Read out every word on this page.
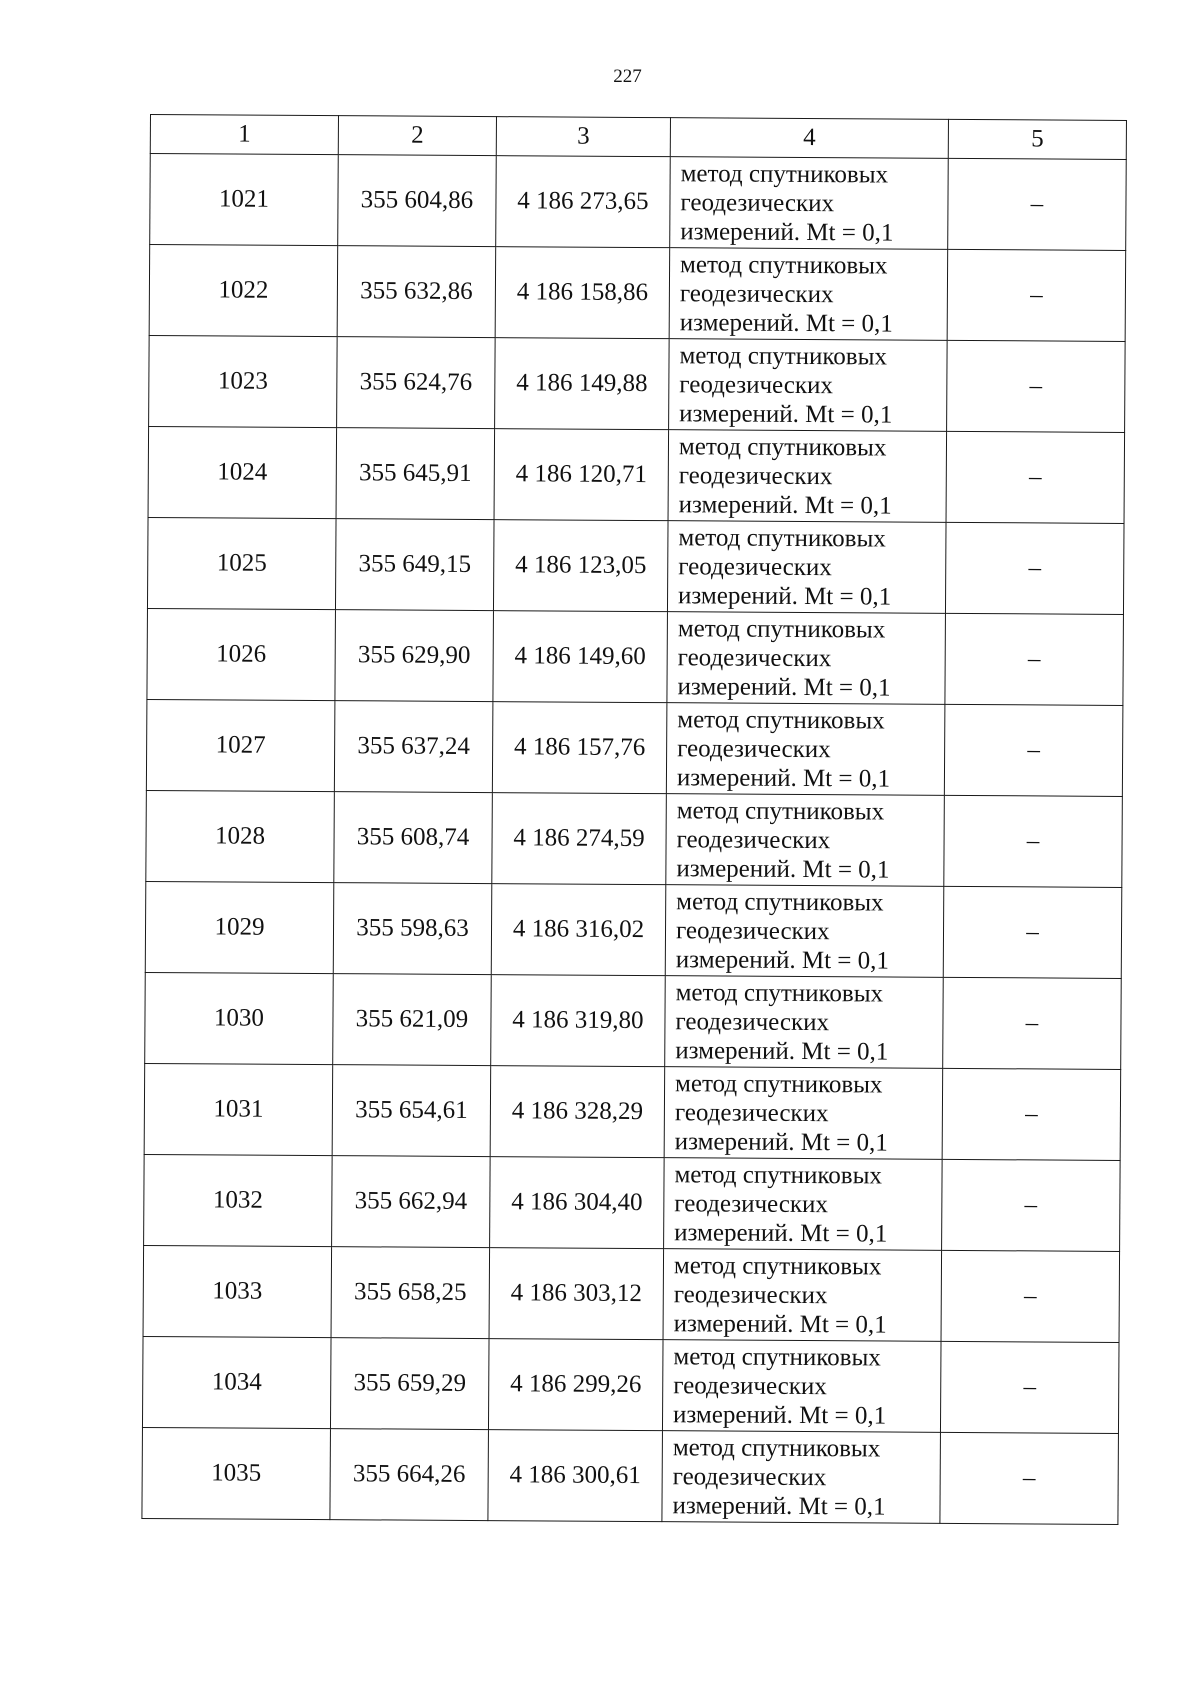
227
1	2	3	4	5
1021	355 604,86	4 186 273,65	метод спутниковых
геодезических
измерений. Mt = 0,1	–
1022	355 632,86	4 186 158,86	метод спутниковых
геодезических
измерений. Mt = 0,1	–
1023	355 624,76	4 186 149,88	метод спутниковых
геодезических
измерений. Mt = 0,1	–
1024	355 645,91	4 186 120,71	метод спутниковых
геодезических
измерений. Mt = 0,1	–
1025	355 649,15	4 186 123,05	метод спутниковых
геодезических
измерений. Mt = 0,1	–
1026	355 629,90	4 186 149,60	метод спутниковых
геодезических
измерений. Mt = 0,1	–
1027	355 637,24	4 186 157,76	метод спутниковых
геодезических
измерений. Mt = 0,1	–
1028	355 608,74	4 186 274,59	метод спутниковых
геодезических
измерений. Mt = 0,1	–
1029	355 598,63	4 186 316,02	метод спутниковых
геодезических
измерений. Mt = 0,1	–
1030	355 621,09	4 186 319,80	метод спутниковых
геодезических
измерений. Mt = 0,1	–
1031	355 654,61	4 186 328,29	метод спутниковых
геодезических
измерений. Mt = 0,1	–
1032	355 662,94	4 186 304,40	метод спутниковых
геодезических
измерений. Mt = 0,1	–
1033	355 658,25	4 186 303,12	метод спутниковых
геодезических
измерений. Mt = 0,1	–
1034	355 659,29	4 186 299,26	метод спутниковых
геодезических
измерений. Mt = 0,1	–
1035	355 664,26	4 186 300,61	метод спутниковых
геодезических
измерений. Mt = 0,1	–
